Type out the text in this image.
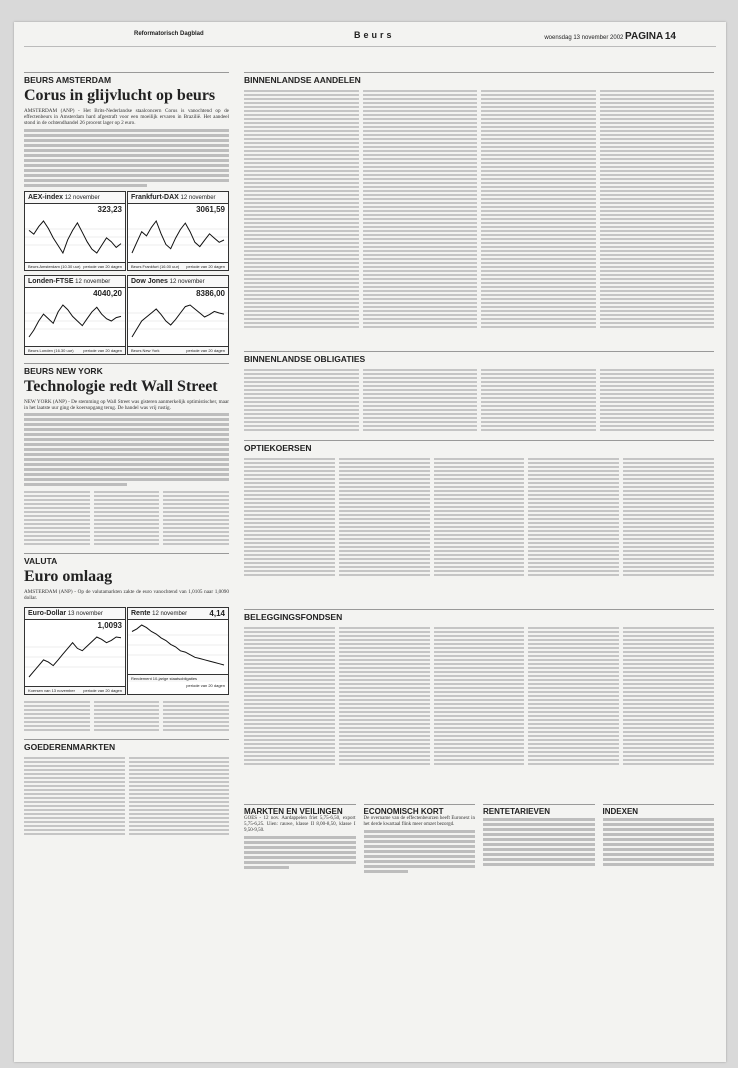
Reformatorisch Dagblad	Beurs	woensdag 13 november 2002 PAGINA 14
BEURS AMSTERDAM
Corus in glijvlucht op beurs
AMSTERDAM (ANP) - Het Brits-Nederlandse staalconcern Corus is vanochtend op de effectenbeurs in Amsterdam hard afgestraft voor een moeilijk ervaren in Brazilië. Het aandeel stond in de ochtendhandel 26 procent lager op 2 euro.
AEX-index 12 november
323,23
Beurs Amsterdam (10.30 uur) periode van 20 dagen
Frankfurt-DAX 12 november
3061,59
Beurs Frankfurt (16.00 uur) periode van 20 dagen
Londen-FTSE 12 november
4040,20
Beurs Londen (16.30 uur) periode van 20 dagen
Dow Jones 12 november
8386,00
Beurs New York	periode van 20 dagen
BEURS NEW YORK
Technologie redt Wall Street
NEW YORK (ANP) - De stemming op Wall Street was gisteren aanmerkelijk optimistischer, maar in het laatste uur ging de koersopgang terug. De handel was vrij rustig.
VALUTA
Euro omlaag
AMSTERDAM (ANP) - Op de valutamarkten zakte de euro vanochtend van 1,0105 naar 1,0090 dollar.
Euro-Dollar 13 november
1,0093
Koersen van 13 november periode van 20 dagen
Rente 12 november	4,14
Rendement 10-jarige staatsobligaties
periode van 20 dagen
GOEDERENMARKTEN
BINNENLANDSE AANDELEN
BINNENLANDSE OBLIGATIES
OPTIEKOERSEN
BELEGGINGSFONDSEN
MARKTEN EN VEILINGEN
GOES - 12 nov. Aardappelen friet 5,75-6,50, export 5,75-6,25. Uien: rauwe, klasse II 8,00-8,50, klasse I 9,50-9,50.
ECONOMISCH KORT
De overname van de effectenbeurzen heeft Euronext in het derde kwartaal flink meer omzet bezorgd.
RENTETARIEVEN	INDEXEN
